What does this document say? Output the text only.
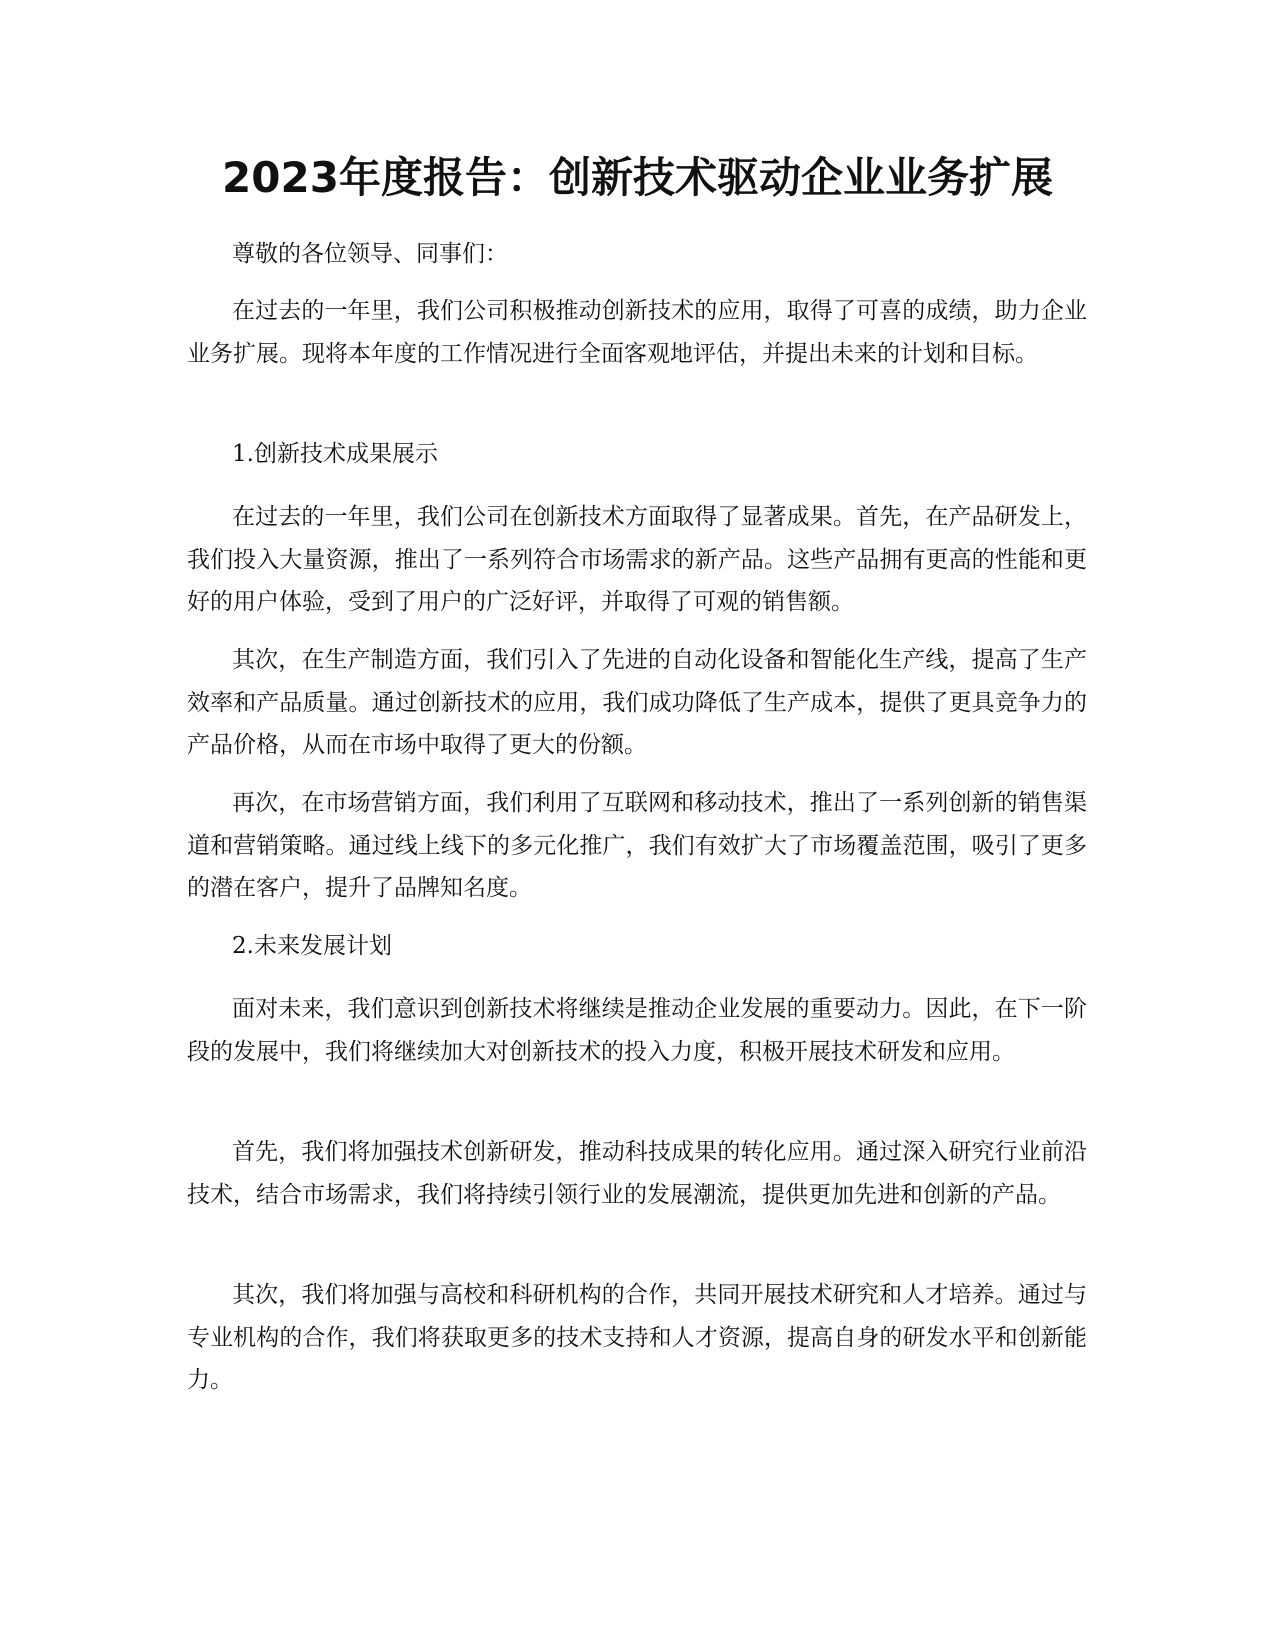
2023年度报告：创新技术驱动企业业务扩展

尊敬的各位领导、同事们：

在过去的一年里，我们公司积极推动创新技术的应用，取得了可喜的成绩，助力企业业务扩展。现将本年度的工作情况进行全面客观地评估，并提出未来的计划和目标。

1.创新技术成果展示

在过去的一年里，我们公司在创新技术方面取得了显著成果。首先，在产品研发上，我们投入大量资源，推出了一系列符合市场需求的新产品。这些产品拥有更高的性能和更好的用户体验，受到了用户的广泛好评，并取得了可观的销售额。

其次，在生产制造方面，我们引入了先进的自动化设备和智能化生产线，提高了生产效率和产品质量。通过创新技术的应用，我们成功降低了生产成本，提供了更具竞争力的产品价格，从而在市场中取得了更大的份额。

再次，在市场营销方面，我们利用了互联网和移动技术，推出了一系列创新的销售渠道和营销策略。通过线上线下的多元化推广，我们有效扩大了市场覆盖范围，吸引了更多的潜在客户，提升了品牌知名度。

2.未来发展计划

面对未来，我们意识到创新技术将继续是推动企业发展的重要动力。因此，在下一阶段的发展中，我们将继续加大对创新技术的投入力度，积极开展技术研发和应用。

首先，我们将加强技术创新研发，推动科技成果的转化应用。通过深入研究行业前沿技术，结合市场需求，我们将持续引领行业的发展潮流，提供更加先进和创新的产品。

其次，我们将加强与高校和科研机构的合作，共同开展技术研究和人才培养。通过与专业机构的合作，我们将获取更多的技术支持和人才资源，提高自身的研发水平和创新能力。
